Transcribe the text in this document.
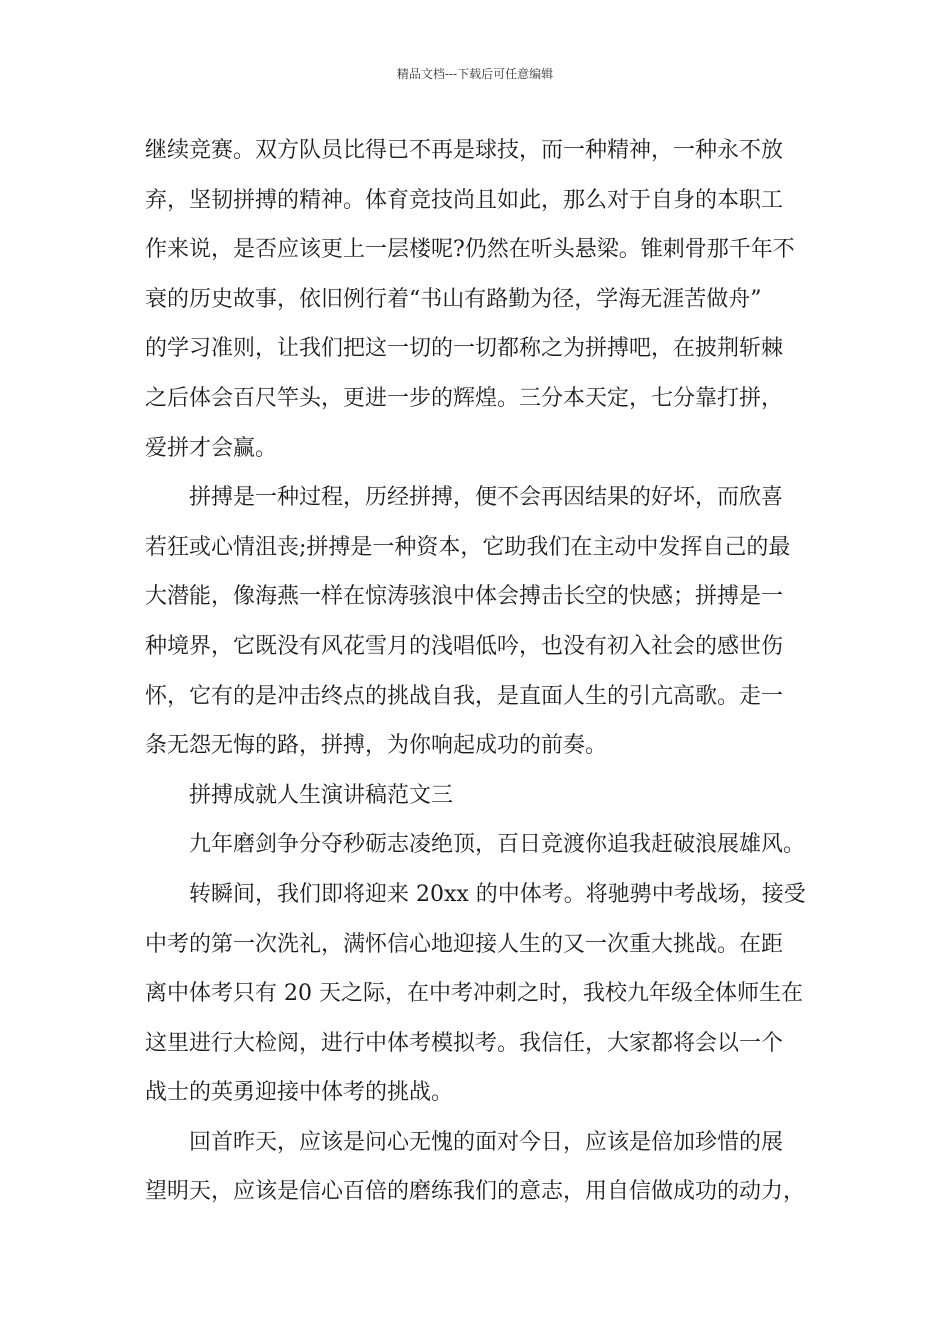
精品文档---下载后可任意编辑
继续竞赛。双方队员比得已不再是球技，而一种精神，一种永不放
弃，坚韧拼搏的精神。体育竞技尚且如此，那么对于自身的本职工
作来说，是否应该更上一层楼呢?仍然在听头悬梁。锥刺骨那千年不
衰的历史故事，依旧例行着“书山有路勤为径，学海无涯苦做舟”
的学习准则，让我们把这一切的一切都称之为拼搏吧，在披荆斩棘
之后体会百尺竿头，更进一步的辉煌。三分本天定，七分靠打拼，
爱拼才会赢。
拼搏是一种过程，历经拼搏，便不会再因结果的好坏，而欣喜
若狂或心情沮丧;拼搏是一种资本，它助我们在主动中发挥自己的最
大潜能，像海燕一样在惊涛骇浪中体会搏击长空的快感；拼搏是一
种境界，它既没有风花雪月的浅唱低吟，也没有初入社会的感世伤
怀，它有的是冲击终点的挑战自我，是直面人生的引亢高歌。走一
条无怨无悔的路，拼搏，为你响起成功的前奏。
拼搏成就人生演讲稿范文三
九年磨剑争分夺秒砺志凌绝顶，百日竞渡你追我赶破浪展雄风。
转瞬间，我们即将迎来 20xx 的中体考。将驰骋中考战场，接受
中考的第一次洗礼，满怀信心地迎接人生的又一次重大挑战。在距
离中体考只有 20 天之际，在中考冲刺之时，我校九年级全体师生在
这里进行大检阅，进行中体考模拟考。我信任，大家都将会以一个
战士的英勇迎接中体考的挑战。
回首昨天，应该是问心无愧的面对今日，应该是倍加珍惜的展
望明天，应该是信心百倍的磨练我们的意志，用自信做成功的动力，
